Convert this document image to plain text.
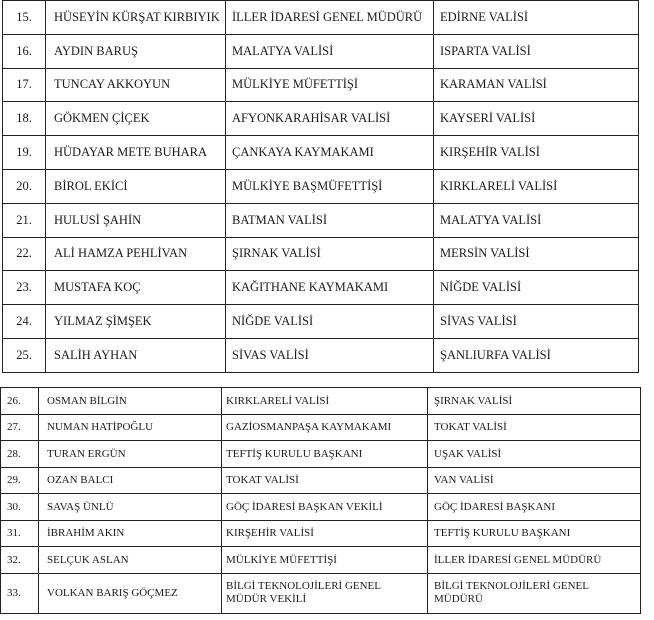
15.	HÜSEYİN KÜRŞAT KIRBIYIK	İLLER İDARESİ GENEL MÜDÜRÜ	EDİRNE VALİSİ
16.	AYDIN BARUŞ	MALATYA VALİSİ	ISPARTA VALİSİ
17.	TUNCAY AKKOYUN	MÜLKİYE MÜFETTİŞİ	KARAMAN VALİSİ
18.	GÖKMEN ÇİÇEK	AFYONKARAHİSAR VALİSİ	KAYSERİ VALİSİ
19.	HÜDAYAR METE BUHARA	ÇANKAYA KAYMAKAMI	KIRŞEHİR VALİSİ
20.	BİROL EKİCİ	MÜLKİYE BAŞMÜFETTİŞİ	KIRKLARELİ VALİSİ
21.	HULUSİ ŞAHİN	BATMAN VALİSİ	MALATYA VALİSİ
22.	ALİ HAMZA PEHLİVAN	ŞIRNAK VALİSİ	MERSİN VALİSİ
23.	MUSTAFA KOÇ	KAĞITHANE KAYMAKAMI	NİĞDE VALİSİ
24.	YILMAZ ŞİMŞEK	NİĞDE VALİSİ	SİVAS VALİSİ
25.	SALİH AYHAN	SİVAS VALİSİ	ŞANLIURFA VALİSİ
26.	OSMAN BİLGİN	KIRKLARELİ VALİSİ	ŞIRNAK VALİSİ
27.	NUMAN HATİPOĞLU	GAZİOSMANPAŞA KAYMAKAMI	TOKAT VALİSİ
28.	TURAN ERGÜN	TEFTİŞ KURULU BAŞKANI	UŞAK VALİSİ
29.	OZAN BALCI	TOKAT VALİSİ	VAN VALİSİ
30.	SAVAŞ ÜNLÜ	GÖÇ İDARESİ BAŞKAN VEKİLİ	GÖÇ İDARESİ BAŞKANI
31.	İBRAHİM AKIN	KIRŞEHİR VALİSİ	TEFTİŞ KURULU BAŞKANI
32.	SELÇUK ASLAN	MÜLKİYE MÜFETTİŞİ	İLLER İDARESİ GENEL MÜDÜRÜ
33.	VOLKAN BARIŞ GÖÇMEZ	BİLGİ TEKNOLOJİLERİ GENEL MÜDÜR VEKİLİ	BİLGİ TEKNOLOJİLERİ GENEL MÜDÜRÜ
